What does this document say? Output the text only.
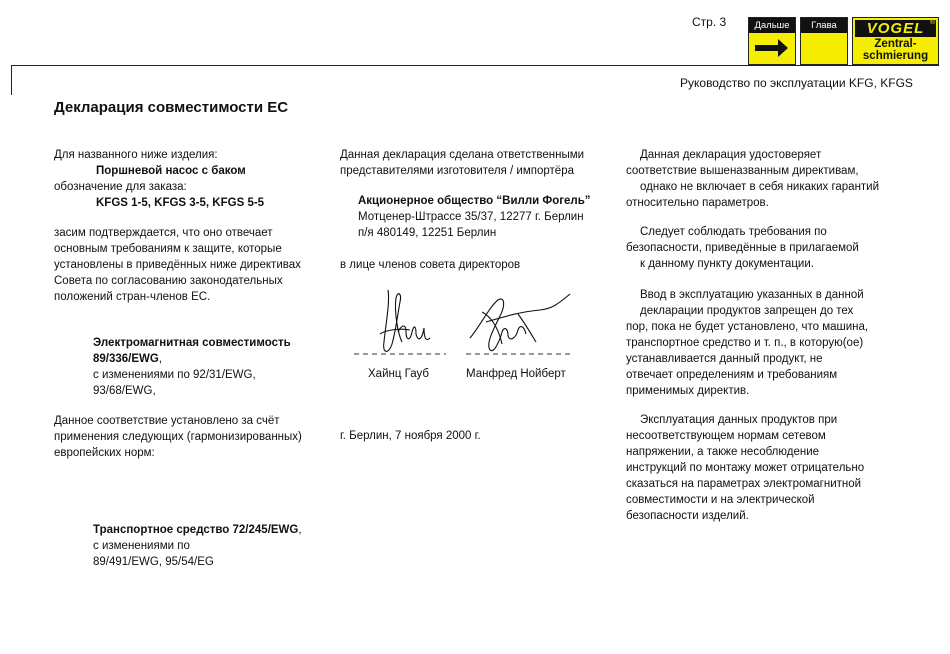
Стр. 3	Дальше	Глава	VOGEL ®
Zentral-
schmierung
Руководство по эксплуатации KFG, KFGS
Декларация совместимости ЕС
Для названного ниже изделия:
Поршневой насос с баком
обозначение для заказа:
KFGS 1-5, KFGS 3-5, KFGS 5-5
засим подтверждается, что оно отвечает
основным требованиям к защите, которые
установлены в приведённых ниже директивах
Совета по согласованию законодательных
положений стран-членов ЕС.
Электромагнитная совместимость
89/336/EWG,
с изменениями по 92/31/EWG,
93/68/EWG,
Данное соответствие установлено за счёт
применения следующих (гармонизированных)
европейских норм:
Транспортное средство 72/245/EWG,
с изменениями по
89/491/EWG, 95/54/EG
Данная декларация сделана ответственными
представителями изготовителя / импортёра
Акционерное общество “Вилли Фогель”
Мотценер-Штрассе 35/37, 12277 г. Берлин
п/я 480149, 12251 Берлин
в лице членов совета директоров
Хайнц Гауб	Манфред Нойберт
г. Берлин, 7 ноября 2000 г.
Данная декларация удостоверяет
соответствие вышеназванным директивам,
однако не включает в себя никаких гарантий
относительно параметров.
Следует соблюдать требования по
безопасности, приведённые в прилагаемой
к данному пункту документации.
Ввод в эксплуатацию указанных в данной
декларации продуктов запрещен до тех
пор, пока не будет установлено, что машина,
транспортное средство и т. п., в которую(ое)
устанавливается данный продукт, не
отвечает определениям и требованиям
применимых директив.
Эксплуатация данных продуктов при
несоответствующем нормам сетевом
напряжении, а также несоблюдение
инструкций по монтажу может отрицательно
сказаться на параметрах электромагнитной
совместимости и на электрической
безопасности изделий.
